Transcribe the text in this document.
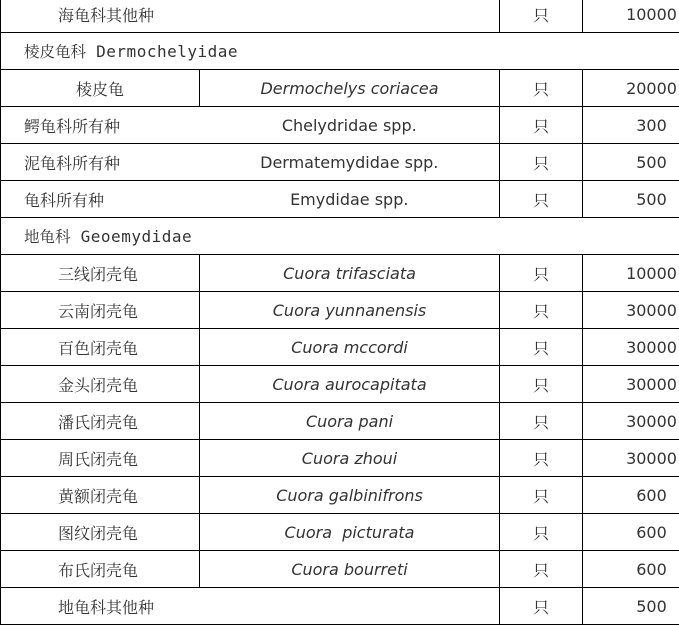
海龟科其他种		只	10000
棱皮龟科 Dermochelyidae			
棱皮龟	Dermochelys coriacea	只	20000
鳄龟科所有种	Chelydridae spp.	只	300
泥龟科所有种	Dermatemydidae spp.	只	500
龟科所有种	Emydidae spp.	只	500
地龟科 Geoemydidae			
三线闭壳龟	Cuora trifasciata	只	10000
云南闭壳龟	Cuora yunnanensis	只	30000
百色闭壳龟	Cuora mccordi	只	30000
金头闭壳龟	Cuora aurocapitata	只	30000
潘氏闭壳龟	Cuora pani	只	30000
周氏闭壳龟	Cuora zhoui	只	30000
黄额闭壳龟	Cuora galbinifrons	只	600
图纹闭壳龟	Cuora  picturata	只	600
布氏闭壳龟	Cuora bourreti	只	600
地龟科其他种		只	500
